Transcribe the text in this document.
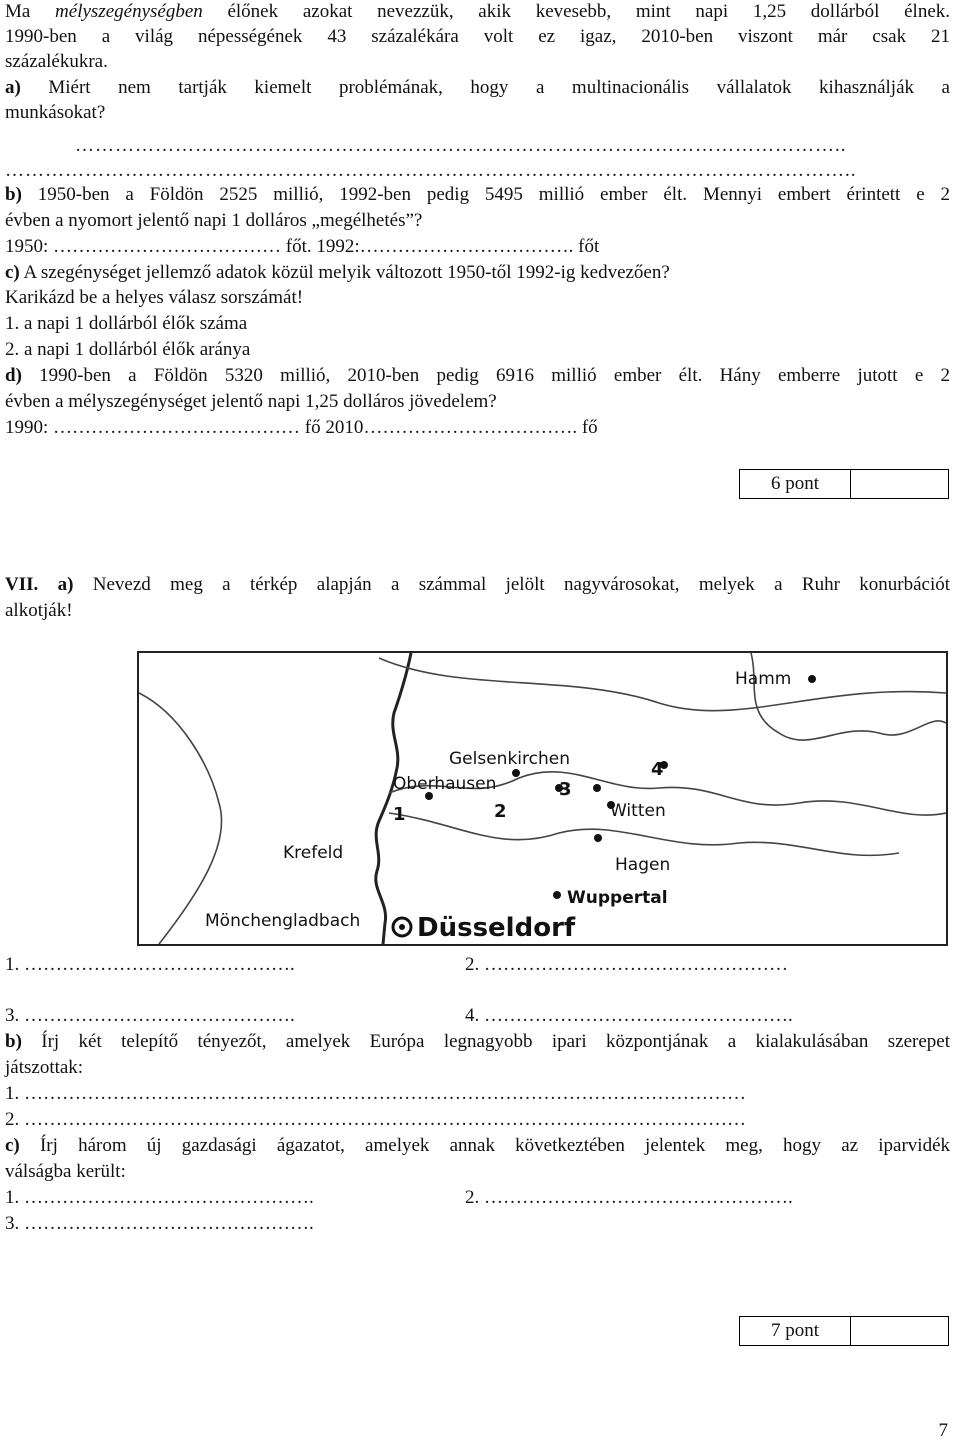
Ma mélyszegénységben élőnek azokat nevezzük, akik kevesebb, mint napi 1,25 dollárból élnek.
1990-ben a világ népességének 43 százalékára volt ez igaz, 2010-ben viszont már csak 21
százalékukra.
a) Miért nem tartják kiemelt problémának, hogy a multinacionális vállalatok kihasználják a
munkásokat?
……………………………………………………………………………………………………..
………………………………………………………………………………………………………………..
b) 1950-ben a Földön 2525 millió, 1992-ben pedig 5495 millió ember élt. Mennyi embert érintett e 2
évben a nyomort jelentő napi 1 dolláros „megélhetés”?
1950: ……………………………… főt. 1992:……………………………. főt
c) A szegénységet jellemző adatok közül melyik változott 1950-től 1992-ig kedvezően?
Karikázd be a helyes válasz sorszámát!
1. a napi 1 dollárból élők száma
2. a napi 1 dollárból élők aránya
d) 1990-ben a Földön 5320 millió, 2010-ben pedig 6916 millió ember élt. Hány emberre jutott e 2
évben a mélyszegénységet jelentő napi 1,25 dolláros jövedelem?
1990: ………………………………… fő 2010……………………………. fő
6 pont
VII. a) Nevezd meg a térkép alapján a számmal jelölt nagyvárosokat, melyek a Ruhr konurbációt
alkotják!
Hamm
Gelsenkirchen
Oberhausen
Witten
Krefeld
Hagen
Wuppertal
Mönchengladbach Düsseldorf
1	2
3
4
1. …………………………………….	2. …………………………………………
3. …………………………………….	4. ………………………………………….
b) Írj két telepítő tényezőt, amelyek Európa legnagyobb ipari központjának a kialakulásában szerepet
játszottak:
1. ……………………………………………………………………………………………………
2. ……………………………………………………………………………………………………
c) Írj három új gazdasági ágazatot, amelyek annak következtében jelentek meg, hogy az iparvidék
válságba került:
1. ……………………………………….	2. ………………………………………….
3. ……………………………………….
7 pont
7
